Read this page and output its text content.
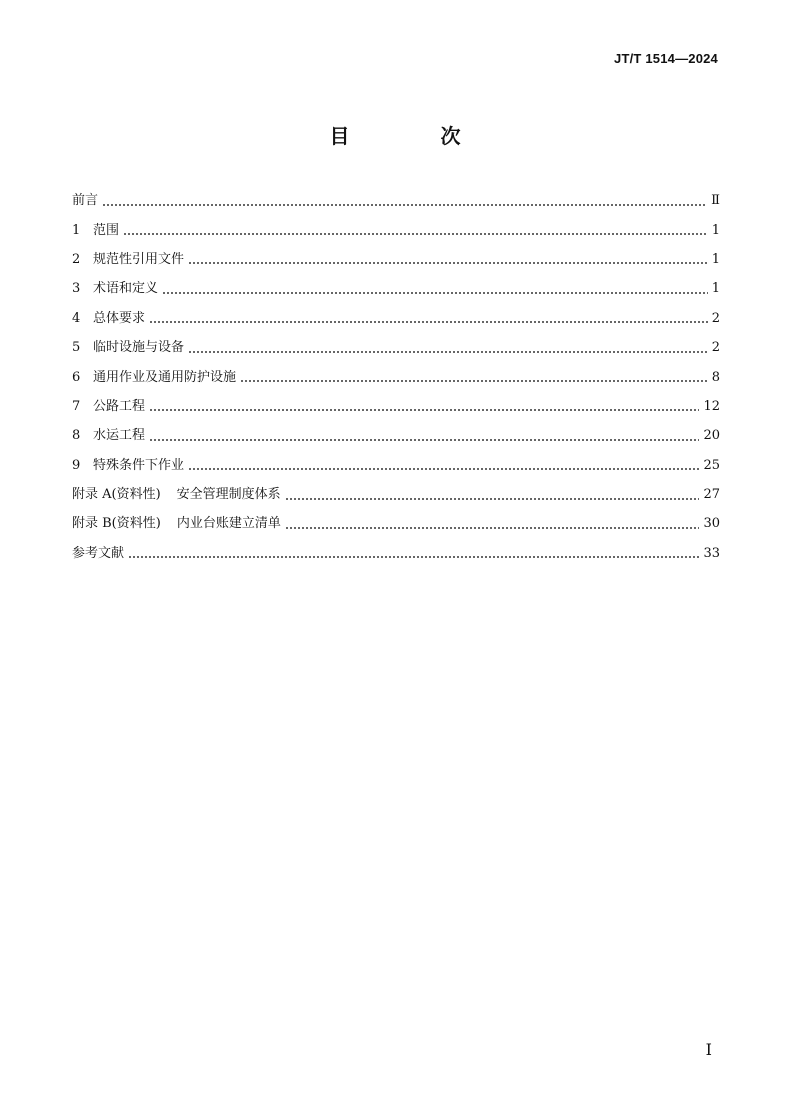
JT/T 1514—2024
目 次
前言	Ⅱ
1 范围	1
2 规范性引用文件	1
3 术语和定义	1
4 总体要求	2
5 临时设施与设备	2
6 通用作业及通用防护设施	8
7 公路工程	12
8 水运工程	20
9 特殊条件下作业	25
附录 A(资料性) 安全管理制度体系	27
附录 B(资料性) 内业台账建立清单	30
参考文献	33
I
